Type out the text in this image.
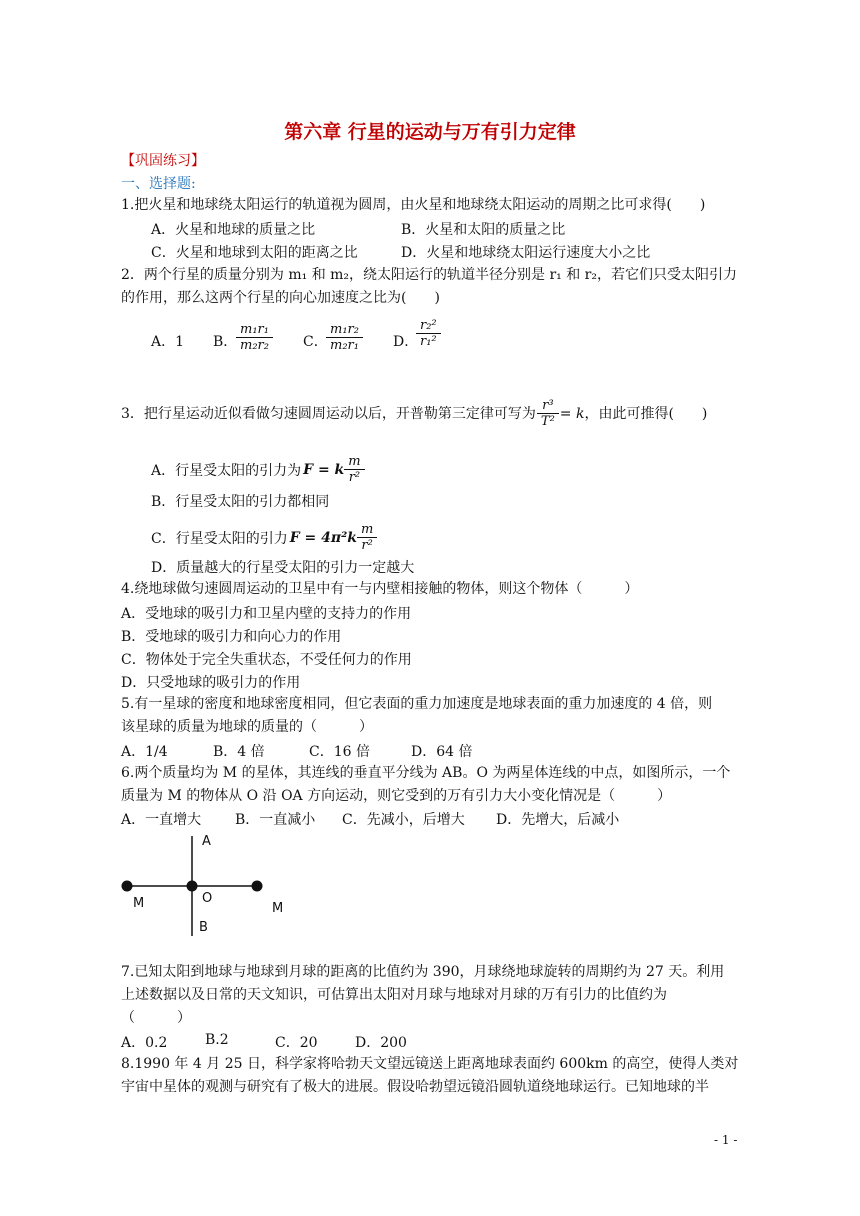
第六章 行星的运动与万有引力定律
【巩固练习】
一、选择题:
1.把火星和地球绕太阳运行的轨道视为圆周，由火星和地球绕太阳运动的周期之比可求得(　　)
A．火星和地球的质量之比	B．火星和太阳的质量之比
C．火星和地球到太阳的距离之比	D．火星和地球绕太阳运行速度大小之比
2．两个行星的质量分别为 m₁ 和 m₂，绕太阳运行的轨道半径分别是 r₁ 和 r₂，若它们只受太阳引力
的作用，那么这两个行星的向心加速度之比为(　　)
A．1 B． $\frac{\text{m₁r₁}}{\text{m₂r₂}}$ C． $\frac{\text{m₁r₂}}{\text{m₂r₁}}$ D． $\frac{\text{r₂²}}{\text{r₁²}}$
3．把行星运动近似看做匀速圆周运动以后，开普勒第三定律可写为 $\frac{\text{r³}}{\text{T²}} = k$ ，由此可推得(　　)
A．行星受太阳的引力为 F = k $\frac{m}{\text{r²}}$
B．行星受太阳的引力都相同
C．行星受太阳的引力 $F = 4\pi^2k \frac{m}{\text{r²}}$
D．质量越大的行星受太阳的引力一定越大
4.绕地球做匀速圆周运动的卫星中有一与内壁相接触的物体，则这个物体（　　　）
A．受地球的吸引力和卫星内壁的支持力的作用
B．受地球的吸引力和向心力的作用
C．物体处于完全失重状态，不受任何力的作用
D．只受地球的吸引力的作用
5.有一星球的密度和地球密度相同，但它表面的重力加速度是地球表面的重力加速度的 4 倍，则
该星球的质量为地球的质量的（　　　）
A．1/4	B．4 倍	C．16 倍	D．64 倍
6.两个质量均为 M 的星体，其连线的垂直平分线为 AB。O 为两星体连线的中点，如图所示，一个
质量为 M 的物体从 O 沿 OA 方向运动，则它受到的万有引力大小变化情况是（　　　）
A．一直增大 B．一直减小 C．先减小，后增大 D．先增大，后减小
A
O
B
M	M
7.已知太阳到地球与地球到月球的距离的比值约为 390，月球绕地球旋转的周期约为 27 天。利用
上述数据以及日常的天文知识，可估算出太阳对月球与地球对月球的万有引力的比值约为
（　　　）
A．0.2	B.2	C．20	D．200
8.1990 年 4 月 25 日，科学家将哈勃天文望远镜送上距离地球表面约 600km 的高空，使得人类对
宇宙中星体的观测与研究有了极大的进展。假设哈勃望远镜沿圆轨道绕地球运行。已知地球的半
- 1 -
